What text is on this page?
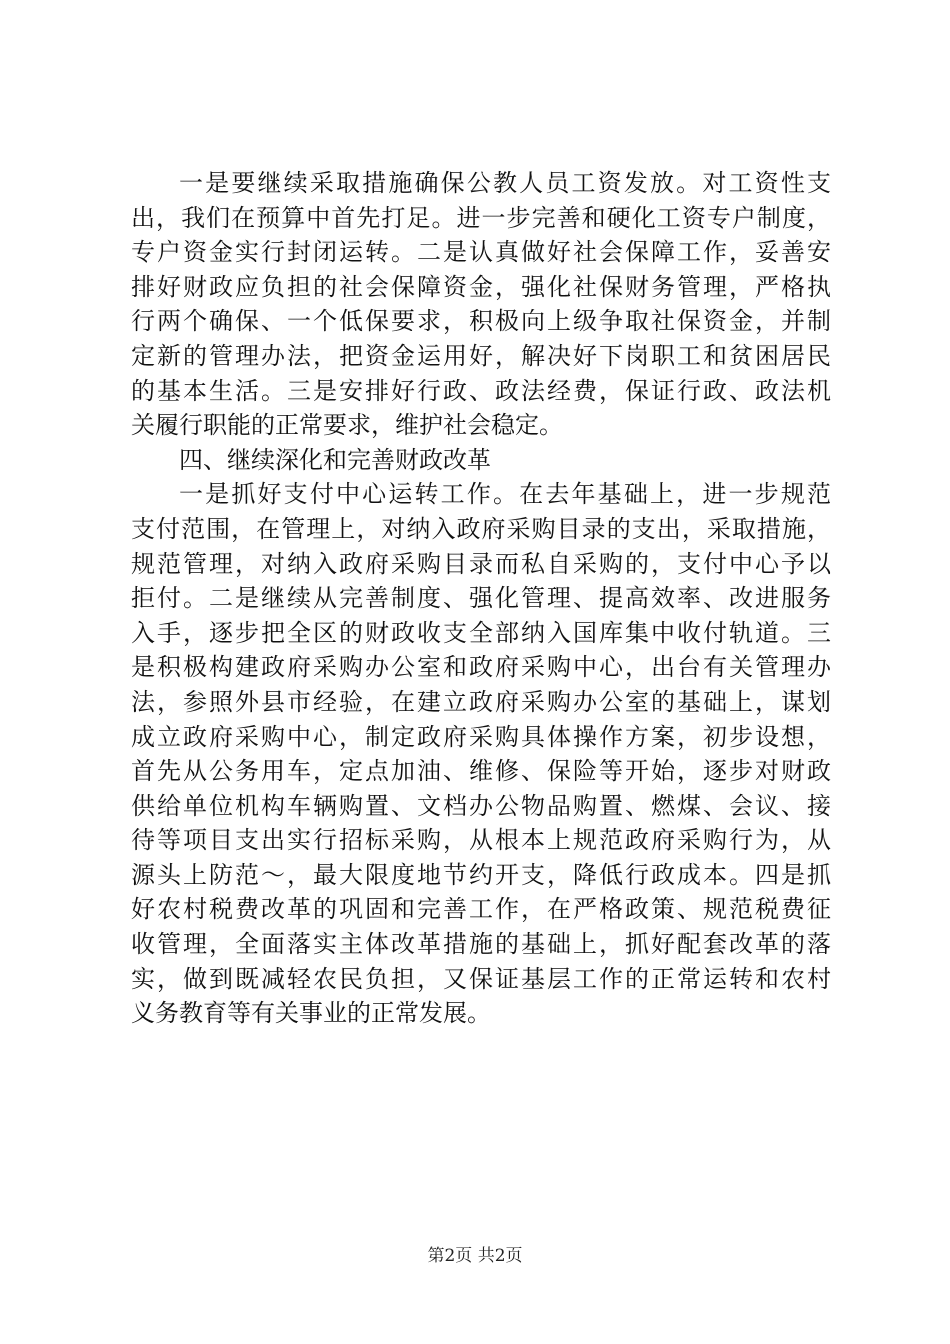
一是要继续采取措施确保公教人员工资发放。对工资性支
出，我们在预算中首先打足。进一步完善和硬化工资专户制度，
专户资金实行封闭运转。二是认真做好社会保障工作，妥善安
排好财政应负担的社会保障资金，强化社保财务管理，严格执
行两个确保、一个低保要求，积极向上级争取社保资金，并制
定新的管理办法，把资金运用好，解决好下岗职工和贫困居民
的基本生活。三是安排好行政、政法经费，保证行政、政法机
关履行职能的正常要求，维护社会稳定。
四、继续深化和完善财政改革
一是抓好支付中心运转工作。在去年基础上，进一步规范
支付范围，在管理上，对纳入政府采购目录的支出，采取措施，
规范管理，对纳入政府采购目录而私自采购的，支付中心予以
拒付。二是继续从完善制度、强化管理、提高效率、改进服务
入手，逐步把全区的财政收支全部纳入国库集中收付轨道。三
是积极构建政府采购办公室和政府采购中心，出台有关管理办
法，参照外县市经验，在建立政府采购办公室的基础上，谋划
成立政府采购中心，制定政府采购具体操作方案，初步设想，
首先从公务用车，定点加油、维修、保险等开始，逐步对财政
供给单位机构车辆购置、文档办公物品购置、燃煤、会议、接
待等项目支出实行招标采购，从根本上规范政府采购行为，从
源头上防范～，最大限度地节约开支，降低行政成本。四是抓
好农村税费改革的巩固和完善工作，在严格政策、规范税费征
收管理，全面落实主体改革措施的基础上，抓好配套改革的落
实，做到既减轻农民负担，又保证基层工作的正常运转和农村
义务教育等有关事业的正常发展。
第2页 共2页
